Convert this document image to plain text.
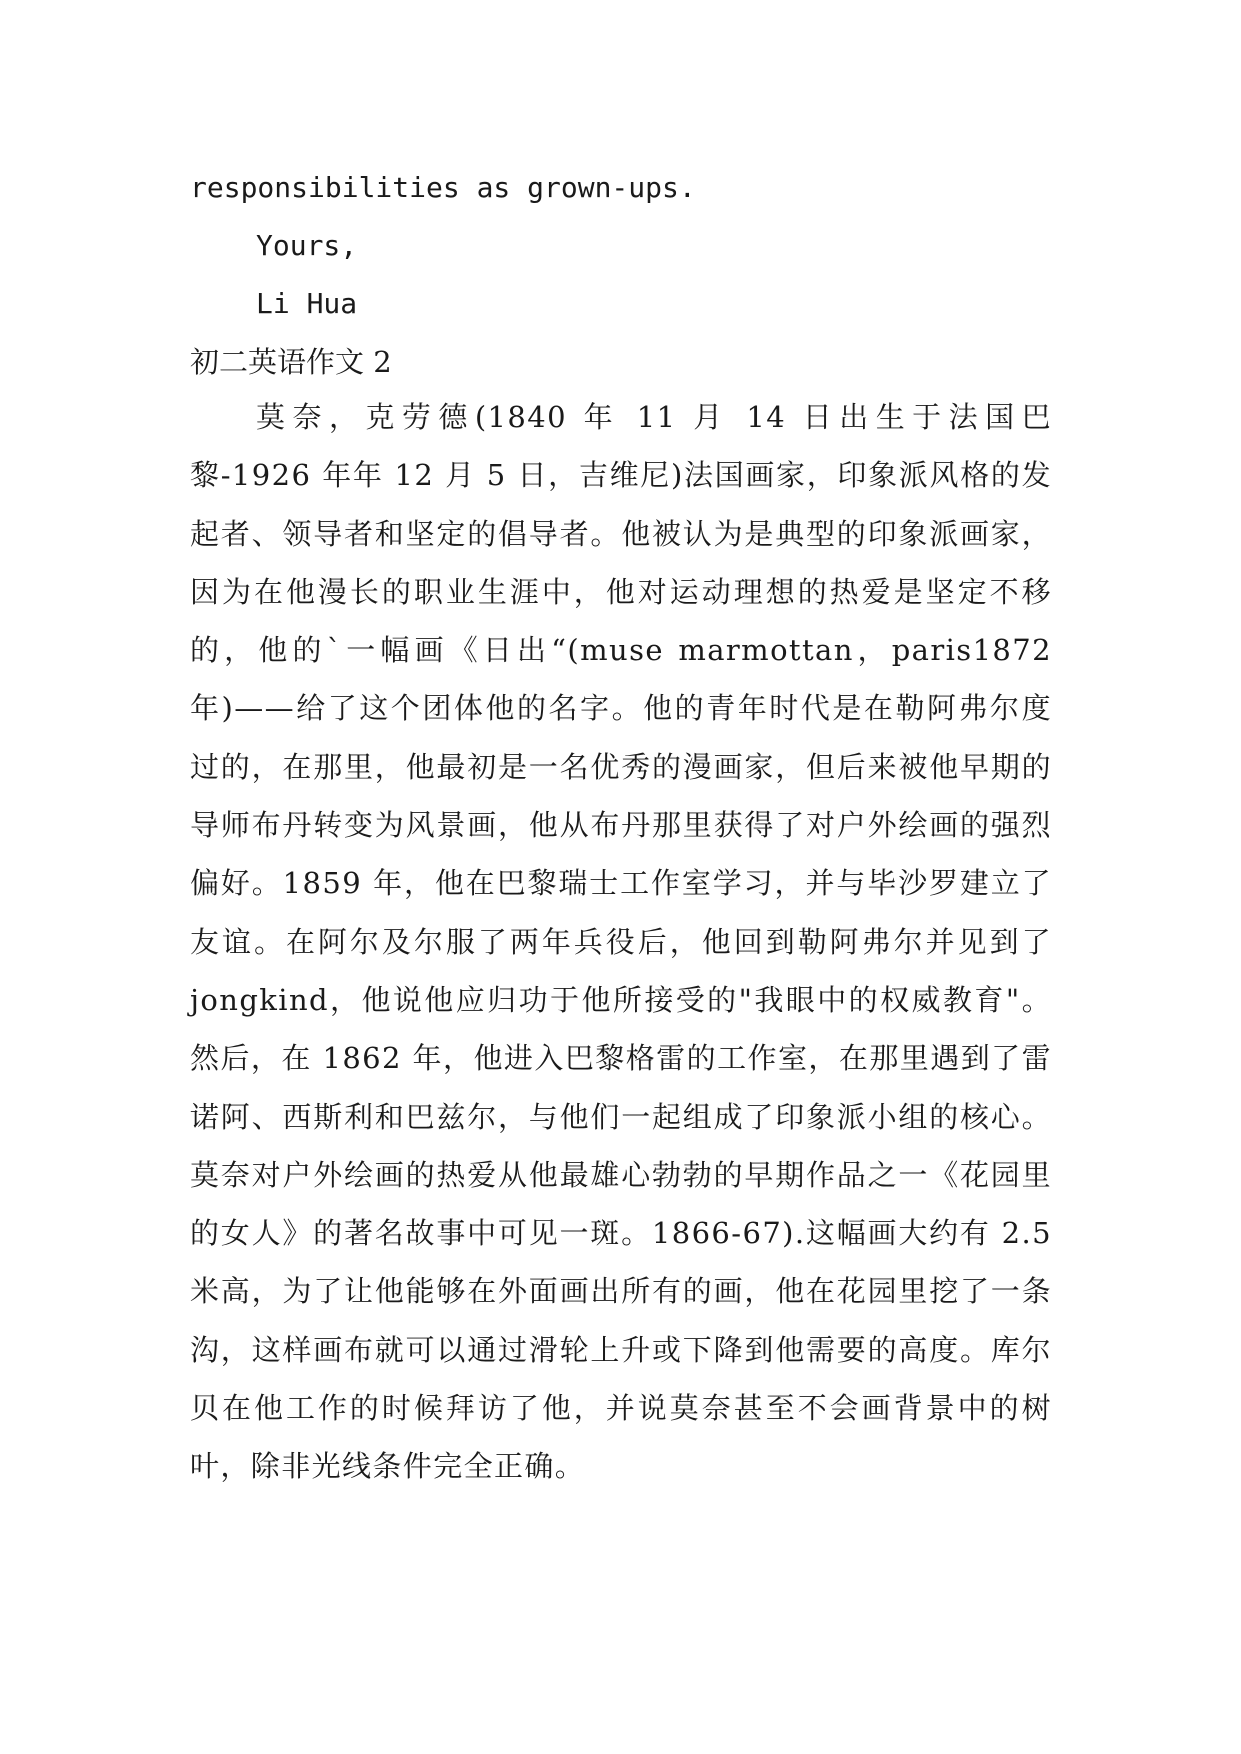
responsibilities as grown-ups.
Yours,
Li Hua
初二英语作文 2
莫奈，克劳德(1840 年 11 月 14 日出生于法国巴黎-1926 年年 12 月 5 日，吉维尼)法国画家，印象派风格的发起者、领导者和坚定的倡导者。他被认为是典型的印象派画家，因为在他漫长的职业生涯中，他对运动理想的热爱是坚定不移的，他的`一幅画《日出“(muse marmottan，paris1872 年)——给了这个团体他的名字。他的青年时代是在勒阿弗尔度过的，在那里，他最初是一名优秀的漫画家，但后来被他早期的导师布丹转变为风景画，他从布丹那里获得了对户外绘画的强烈偏好。1859 年，他在巴黎瑞士工作室学习，并与毕沙罗建立了友谊。在阿尔及尔服了两年兵役后，他回到勒阿弗尔并见到了 jongkind，他说他应归功于他所接受的"我眼中的权威教育"。然后，在 1862 年，他进入巴黎格雷的工作室，在那里遇到了雷诺阿、西斯利和巴兹尔，与他们一起组成了印象派小组的核心。莫奈对户外绘画的热爱从他最雄心勃勃的早期作品之一《花园里的女人》的著名故事中可见一斑。1866-67).这幅画大约有 2.5 米高，为了让他能够在外面画出所有的画，他在花园里挖了一条沟，这样画布就可以通过滑轮上升或下降到他需要的高度。库尔贝在他工作的时候拜访了他，并说莫奈甚至不会画背景中的树叶，除非光线条件完全正确。
